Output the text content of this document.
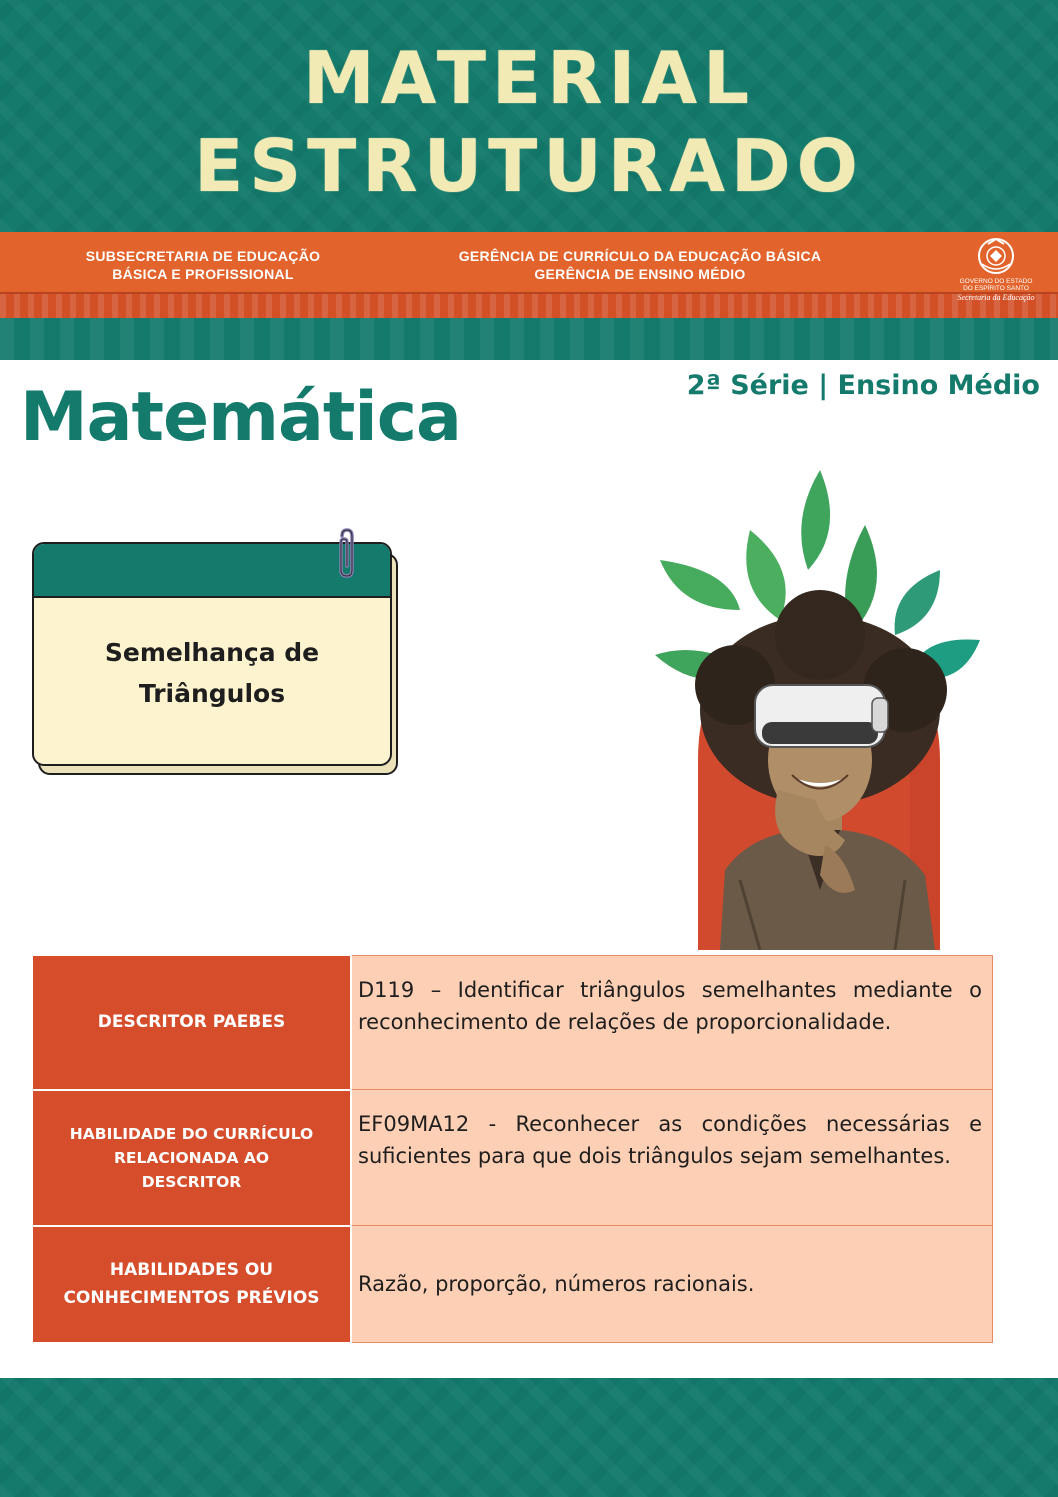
MATERIAL
ESTRUTURADO
SUBSECRETARIA DE EDUCAÇÃO
BÁSICA E PROFISSIONAL
GERÊNCIA DE CURRÍCULO DA EDUCAÇÃO BÁSICA
GERÊNCIA DE ENSINO MÉDIO	GOVERNO DO ESTADO
DO ESPÍRITO SANTO
Secretaria da Educação
Matemática	2ª Série | Ensino Médio
Semelhança de
Triângulos
DESCRITOR PAEBES	D119 – Identificar triângulos semelhantes mediante o reconhecimento de relações de proporcionalidade.

HABILIDADE DO CURRÍCULO RELACIONADA AO DESCRITOR	EF09MA12 - Reconhecer as condições necessárias e suficientes para que dois triângulos sejam semelhantes.

HABILIDADES OU CONHECIMENTOS PRÉVIOS	Razão, proporção, números racionais.
